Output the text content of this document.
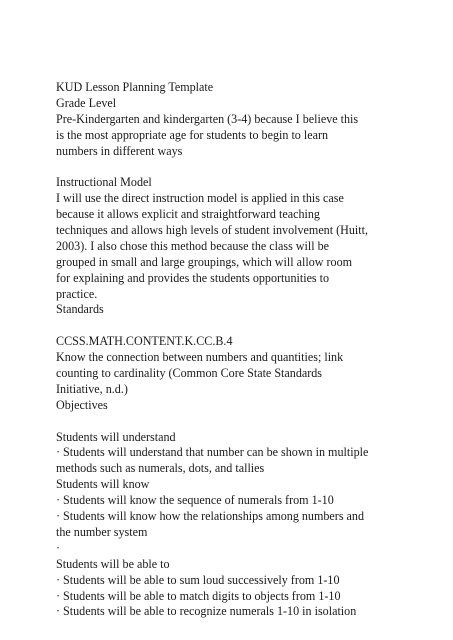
KUD Lesson Planning Template
Grade Level
Pre-Kindergarten and kindergarten (3-4) because I believe this
is the most appropriate age for students to begin to learn
numbers in different ways
Instructional Model
I will use the direct instruction model is applied in this case
because it allows explicit and straightforward teaching
techniques and allows high levels of student involvement (Huitt,
2003). I also chose this method because the class will be
grouped in small and large groupings, which will allow room
for explaining and provides the students opportunities to
practice.
Standards
CCSS.MATH.CONTENT.K.CC.B.4
Know the connection between numbers and quantities; link
counting to cardinality (Common Core State Standards
Initiative, n.d.)
Objectives
Students will understand
· Students will understand that number can be shown in multiple
methods such as numerals, dots, and tallies
Students will know
· Students will know the sequence of numerals from 1-10
· Students will know how the relationships among numbers and
the number system
·
Students will be able to
· Students will be able to sum loud successively from 1-10
· Students will be able to match digits to objects from 1-10
· Students will be able to recognize numerals 1-10 in isolation
